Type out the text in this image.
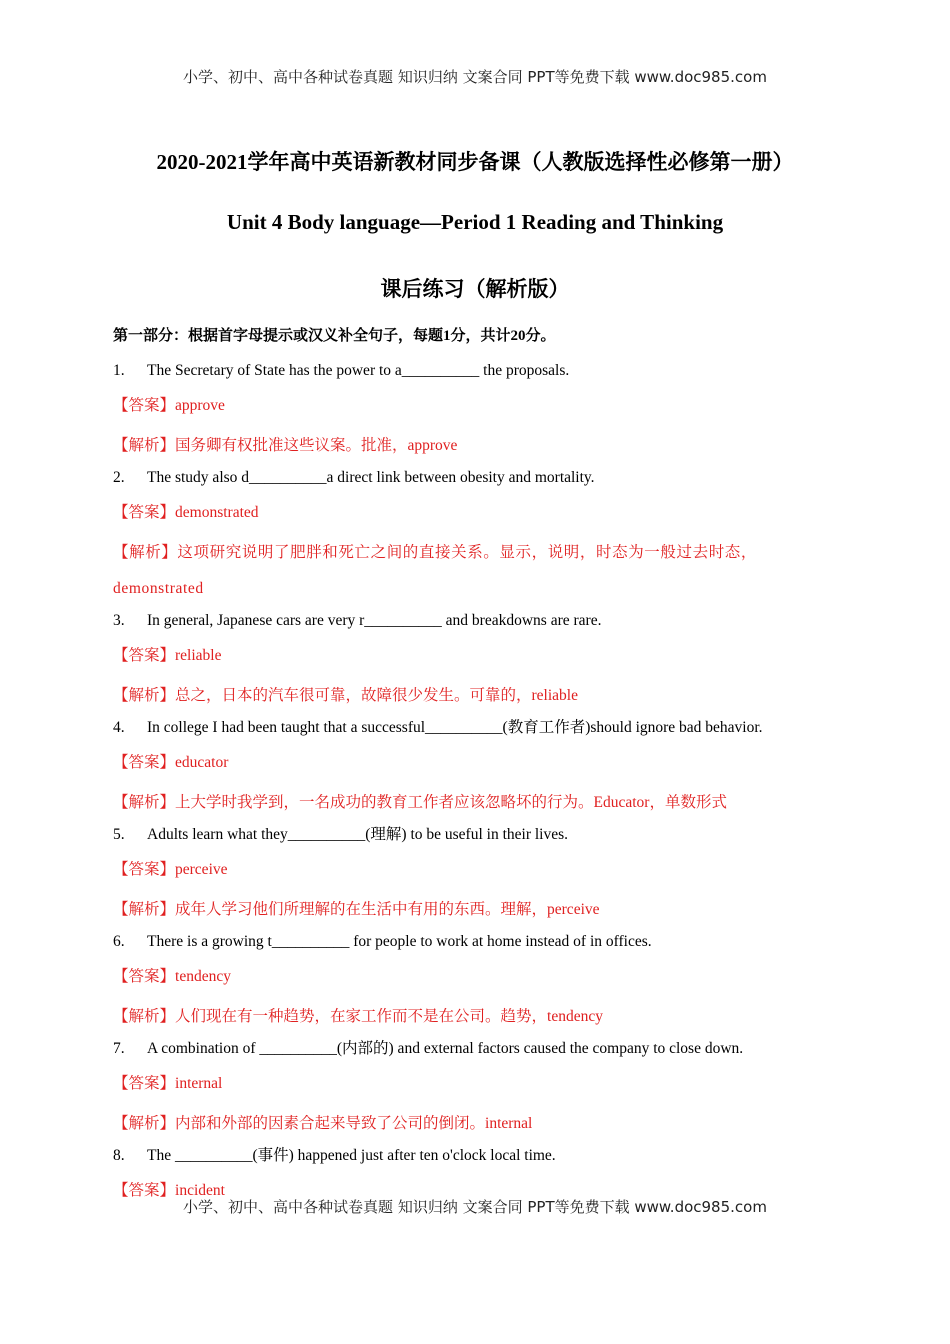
小学、初中、高中各种试卷真题 知识归纳 文案合同 PPT等免费下载 www.doc985.com
2020-2021学年高中英语新教材同步备课（人教版选择性必修第一册）
Unit 4 Body language—Period 1 Reading and Thinking
课后练习（解析版）
第一部分：根据首字母提示或汉义补全句子，每题1分，共计20分。
1. The Secretary of State has the power to a__________ the proposals.
【答案】approve
【解析】国务卿有权批准这些议案。批准，approve
2. The study also d__________a direct link between obesity and mortality.
【答案】demonstrated
【解析】这项研究说明了肥胖和死亡之间的直接关系。显示，说明，时态为一般过去时态，demonstrated
3. In general, Japanese cars are very r__________ and breakdowns are rare.
【答案】reliable
【解析】总之，日本的汽车很可靠，故障很少发生。可靠的，reliable
4. In college I had been taught that a successful__________(教育工作者)should ignore bad behavior.
【答案】educator
【解析】上大学时我学到，一名成功的教育工作者应该忽略坏的行为。Educator，单数形式
5. Adults learn what they__________(理解) to be useful in their lives.
【答案】perceive
【解析】成年人学习他们所理解的在生活中有用的东西。理解，perceive
6. There is a growing t__________ for people to work at home instead of in offices.
【答案】tendency
【解析】人们现在有一种趋势，在家工作而不是在公司。趋势，tendency
7. A combination of __________(内部的) and external factors caused the company to close down.
【答案】internal
【解析】内部和外部的因素合起来导致了公司的倒闭。internal
8. The __________(事件) happened just after ten o'clock local time.
【答案】incident
小学、初中、高中各种试卷真题 知识归纳 文案合同 PPT等免费下载 www.doc985.com
